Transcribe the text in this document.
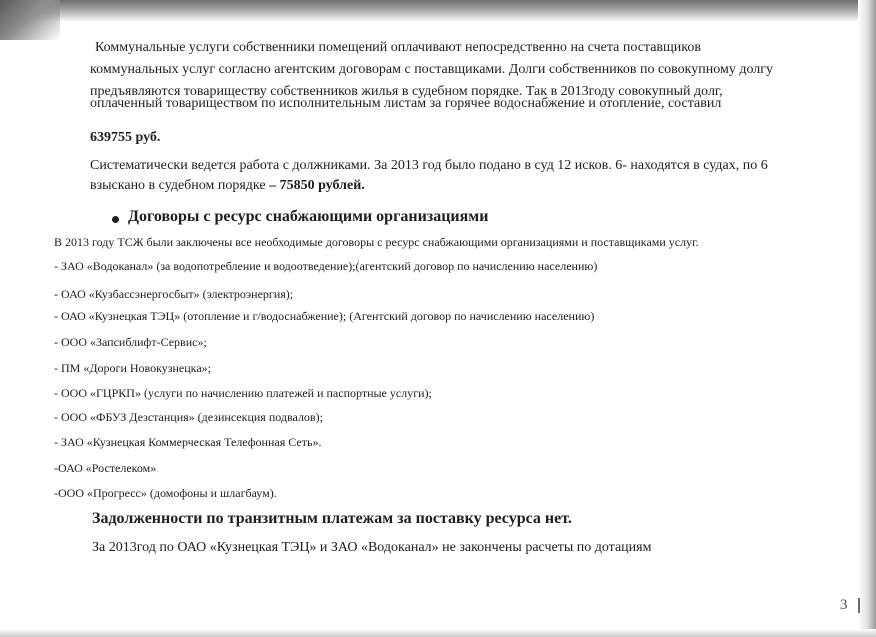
Коммунальные услуги собственники помещений оплачивают непосредственно на счета поставщиков

коммунальных услуг согласно агентским договорам с поставщиками. Долги собственников по совокупному долгу

предъявляются товариществу собственников жилья в судебном порядке. Так в 2013году совокупный долг,

оплаченный товариществом по исполнительным листам за горячее водоснабжение и отопление, составил

639755 руб.

Систематически ведется работа с должниками. За 2013 год было подано в суд 12 исков. 6- находятся в судах, по 6

взыскано в судебном порядке – 75850 рублей.

Договоры с ресурс снабжающими организациями

В 2013 году ТСЖ были заключены все необходимые договоры с ресурс снабжающими организациями и поставщиками услуг.

- ЗАО «Водоканал» (за водопотребление и водоотведение);(агентский договор по начислению населению)

- ОАО «Кузбассэнергосбыт» (электроэнергия);

- ОАО «Кузнецкая ТЭЦ» (отопление и г/водоснабжение); (Агентский договор по начислению населению)

- ООО «Запсиблифт-Сервис»;

- ПМ «Дороги Новокузнецка»;

- ООО «ГЦРКП» (услуги по начислению платежей и паспортные услуги);

- ООО «ФБУЗ Дезстанция» (дезинсекция подвалов);

- ЗАО «Кузнецкая Коммерческая Телефонная Сеть».

-ОАО «Ростелеком»

-ООО «Прогресс» (домофоны и шлагбаум).

Задолженности по транзитным платежам за поставку ресурса нет.

За 2013год по ОАО «Кузнецкая ТЭЦ» и ЗАО «Водоканал» не закончены расчеты по дотациям

3
